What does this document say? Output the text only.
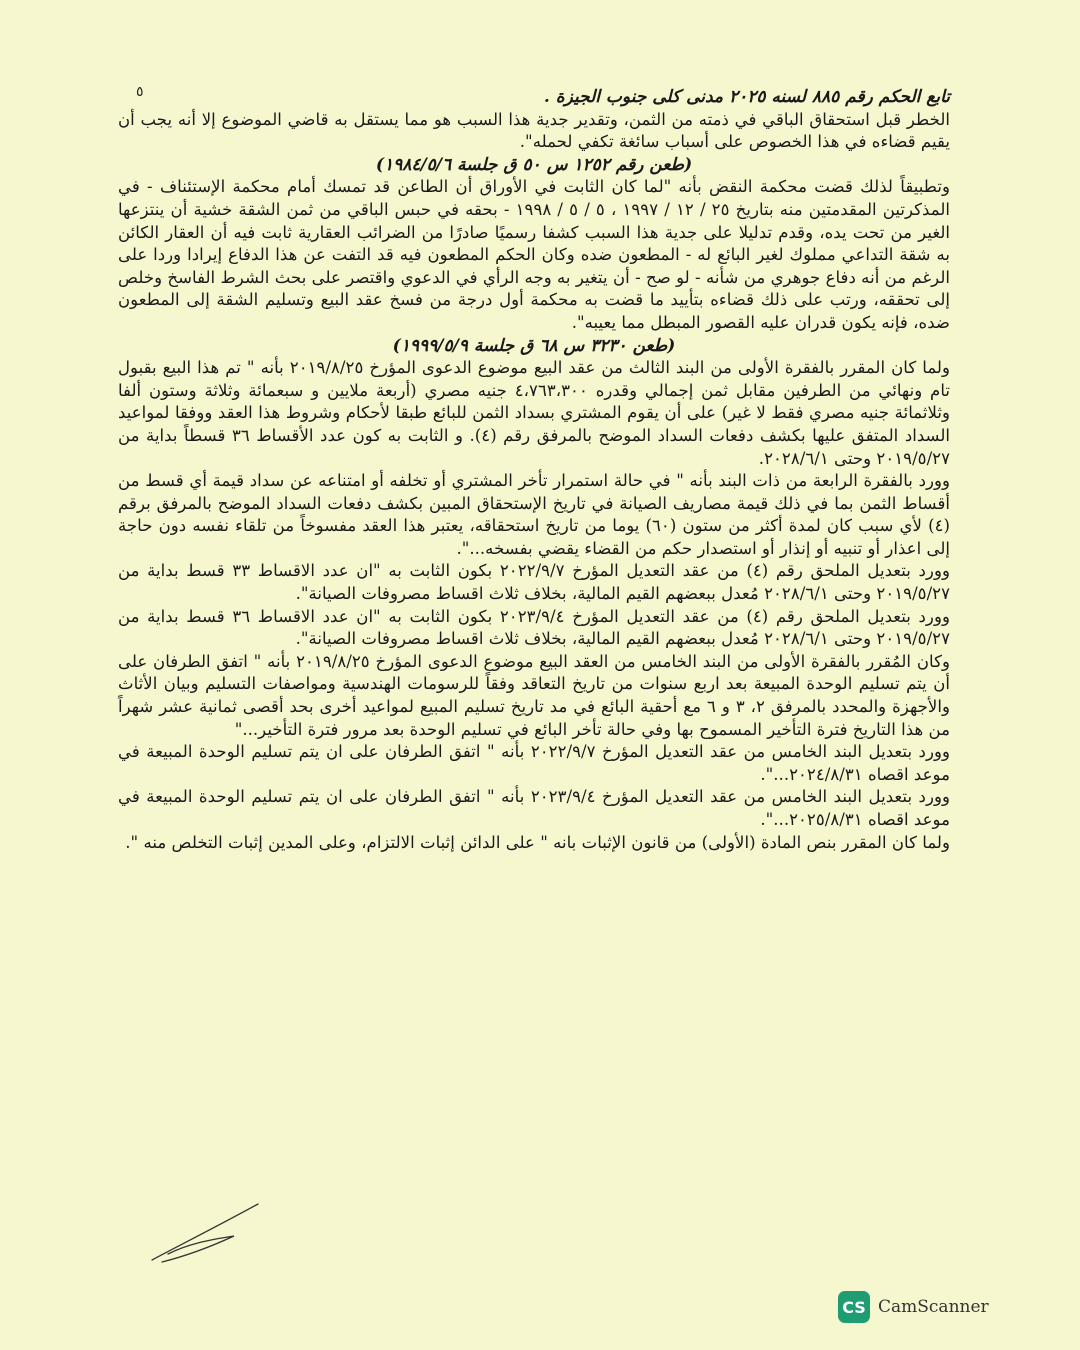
٥	تابع الحكم رقم ٨٨٥ لسنه ٢٠٢٥ مدنى كلى جنوب الجيزة .

الخطر قبل استحقاق الباقي في ذمته من الثمن، وتقدير جدية هذا السبب هو مما يستقل به قاضي الموضوع إلا أنه يجب أن يقيم قضاءه في هذا الخصوص على أسباب سائغة تكفي لحمله".

(طعن رقم ١٢٥٢ س ٥٠ ق جلسة ١٩٨٤/٥/٦)

وتطبيقاً لذلك قضت محكمة النقض بأنه "لما كان الثابت في الأوراق أن الطاعن قد تمسك أمام محكمة الإستئناف - في المذكرتين المقدمتين منه بتاريخ ٢٥ / ١٢ / ١٩٩٧ ، ٥ / ٥ / ١٩٩٨ - بحقه في حبس الباقي من ثمن الشقة خشية أن ينتزعها الغير من تحت يده، وقدم تدليلا على جدية هذا السبب كشفا رسميًا صادرًا من الضرائب العقارية ثابت فيه أن العقار الكائن به شقة التداعي مملوك لغير البائع له - المطعون ضده وكان الحكم المطعون فيه قد التفت عن هذا الدفاع إيرادا وردا على الرغم من أنه دفاع جوهري من شأنه - لو صح - أن يتغير به وجه الرأي في الدعوي واقتصر على بحث الشرط الفاسخ وخلص إلى تحققه، ورتب على ذلك قضاءه بتأييد ما قضت به محكمة أول درجة من فسخ عقد البيع وتسليم الشقة إلى المطعون ضده، فإنه يكون قدران عليه القصور المبطل مما يعيبه".

(طعن ٣٢٣٠ س ٦٨ ق جلسة ١٩٩٩/٥/٩)

ولما كان المقرر بالفقرة الأولى من البند الثالث من عقد البيع موضوع الدعوى المؤرخ ٢٠١٩/٨/٢٥ بأنه " تم هذا البيع بقبول تام ونهائي من الطرفين مقابل ثمن إجمالي وقدره ٤،٧٦٣،٣٠٠ جنيه مصري (أربعة ملايين و سبعمائة وثلاثة وستون ألفا وثلاثمائة جنيه مصري فقط لا غير) على أن يقوم المشتري بسداد الثمن للبائع طبقا لأحكام وشروط هذا العقد ووفقا لمواعيد السداد المتفق عليها بكشف دفعات السداد الموضح بالمرفق رقم (٤). و الثابت به كون عدد الأقساط ٣٦ قسطاً بداية من ٢٠١٩/٥/٢٧ وحتى ٢٠٢٨/٦/١.

وورد بالفقرة الرابعة من ذات البند بأنه " في حالة استمرار تأخر المشتري أو تخلفه أو امتناعه عن سداد قيمة أي قسط من أقساط الثمن بما في ذلك قيمة مصاريف الصيانة في تاريخ الإستحقاق المبين بكشف دفعات السداد الموضح بالمرفق برقم (٤) لأي سبب كان لمدة أكثر من ستون (٦٠) يوما من تاريخ استحقاقه، يعتبر هذا العقد مفسوخاً من تلقاء نفسه دون حاجة إلى اعذار أو تنبيه أو إنذار أو استصدار حكم من القضاء يقضي بفسخه...".

وورد بتعديل الملحق رقم (٤) من عقد التعديل المؤرخ ٢٠٢٢/٩/٧ بكون الثابت به "ان عدد الاقساط ٣٣ قسط بداية من ٢٠١٩/٥/٢٧ وحتى ٢٠٢٨/٦/١ مُعدل ببعضهم القيم المالية، بخلاف ثلاث اقساط مصروفات الصيانة".

وورد بتعديل الملحق رقم (٤) من عقد التعديل المؤرخ ٢٠٢٣/٩/٤ بكون الثابت به "ان عدد الاقساط ٣٦ قسط بداية من ٢٠١٩/٥/٢٧ وحتى ٢٠٢٨/٦/١ مُعدل ببعضهم القيم المالية، بخلاف ثلاث اقساط مصروفات الصيانة".

وكان المُقرر بالفقرة الأولى من البند الخامس من العقد البيع موضوع الدعوى المؤرخ ٢٠١٩/٨/٢٥ بأنه " اتفق الطرفان على أن يتم تسليم الوحدة المبيعة بعد اربع سنوات من تاريخ التعاقد وفقاً للرسومات الهندسية ومواصفات التسليم وبيان الأثاث والأجهزة والمحدد بالمرفق ٢، ٣ و ٦ مع أحقية البائع في مد تاريخ تسليم المبيع لمواعيد أخرى بحد أقصى ثمانية عشر شهراً من هذا التاريخ فترة التأخير المسموح بها وفي حالة تأخر البائع في تسليم الوحدة بعد مرور فترة التأخير..."

وورد بتعديل البند الخامس من عقد التعديل المؤرخ ٢٠٢٢/٩/٧ بأنه " اتفق الطرفان على ان يتم تسليم الوحدة المبيعة في موعد اقصاه ٢٠٢٤/٨/٣١...".

وورد بتعديل البند الخامس من عقد التعديل المؤرخ ٢٠٢٣/٩/٤ بأنه " اتفق الطرفان على ان يتم تسليم الوحدة المبيعة في موعد اقصاه ٢٠٢٥/٨/٣١...".

ولما كان المقرر بنص المادة (الأولى) من قانون الإثبات بانه " على الدائن إثبات الالتزام، وعلى المدين إثبات التخلص منه ".

CS CamScanner
